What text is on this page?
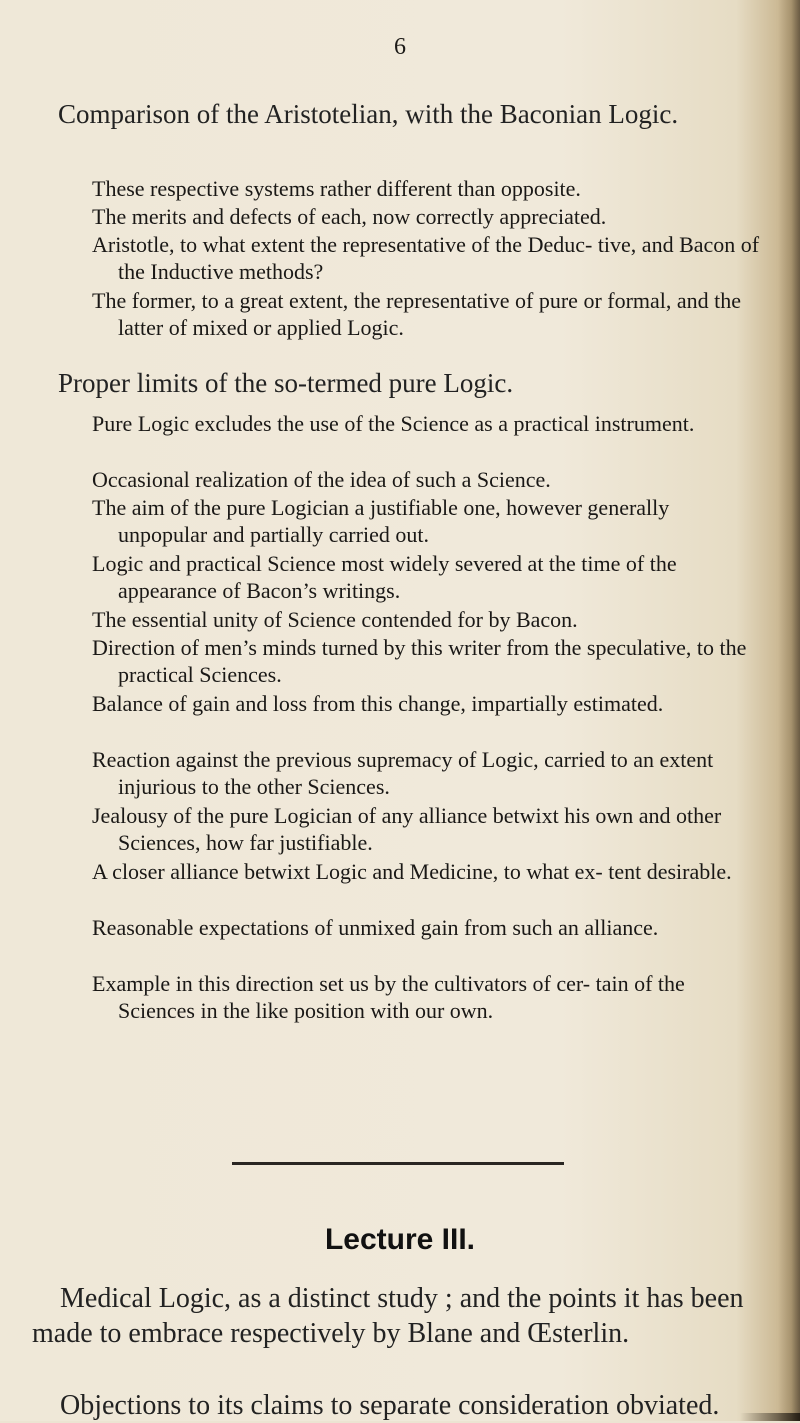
6
Comparison of the Aristotelian, with the Baconian Logic.
These respective systems rather different than opposite.
The merits and defects of each, now correctly appreciated.
Aristotle, to what extent the representative of the Deduc- tive, and Bacon of the Inductive methods?
The former, to a great extent, the representative of pure or formal, and the latter of mixed or applied Logic.
Proper limits of the so-termed pure Logic.
Pure Logic excludes the use of the Science as a practical instrument.
Occasional realization of the idea of such a Science.
The aim of the pure Logician a justifiable one, however generally unpopular and partially carried out.
Logic and practical Science most widely severed at the time of the appearance of Bacon’s writings.
The essential unity of Science contended for by Bacon.
Direction of men’s minds turned by this writer from the speculative, to the practical Sciences.
Balance of gain and loss from this change, impartially estimated.
Reaction against the previous supremacy of Logic, carried to an extent injurious to the other Sciences.
Jealousy of the pure Logician of any alliance betwixt his own and other Sciences, how far justifiable.
A closer alliance betwixt Logic and Medicine, to what ex- tent desirable.
Reasonable expectations of unmixed gain from such an alliance.
Example in this direction set us by the cultivators of cer- tain of the Sciences in the like position with our own.
Lecture III.
Medical Logic, as a distinct study ; and the points it has been made to embrace respectively by Blane and Œsterlin.
Objections to its claims to separate consideration obviated.
